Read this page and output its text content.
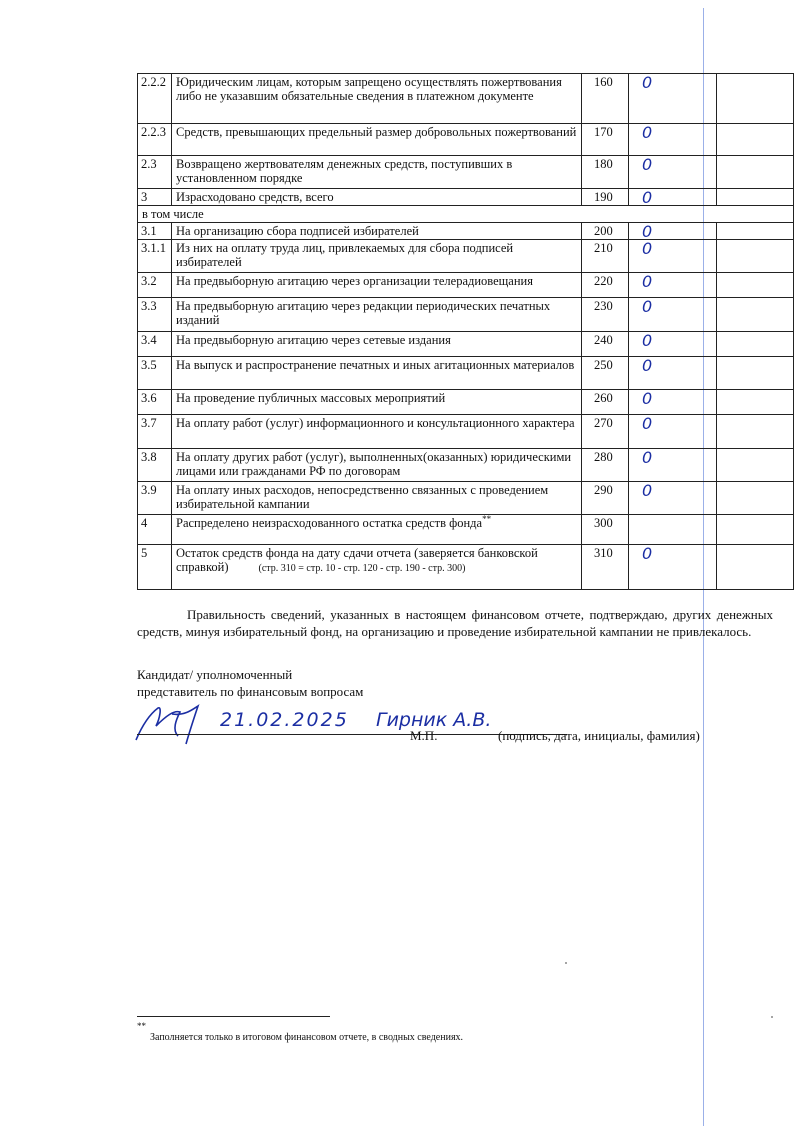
2.2.2	Юридическим лицам, которым запрещено осуществлять пожертвования либо не указавшим обязательные сведения в платежном документе	160	0	

2.2.3	Средств, превышающих предельный размер добровольных пожертвований	170	0	

2.3	Возвращено жертвователям денежных средств, поступивших в установленном порядке	180	0	

3	Израсходовано средств, всего	190	0	

в том числе				
3.1	На организацию сбора подписей избирателей	200	0	

3.1.1	Из них на оплату труда лиц, привлекаемых для сбора подписей избирателей	210	0	

3.2	На предвыборную агитацию через организации телерадиовещания	220	0	

3.3	На предвыборную агитацию через редакции периодических печатных изданий	230	0	

3.4	На предвыборную агитацию через сетевые издания	240	0	

3.5	На выпуск и распространение печатных и иных агитационных материалов	250	0	

3.6	На проведение публичных массовых мероприятий	260	0	

3.7	На оплату работ (услуг) информационного и консультационного характера	270	0	

3.8	На оплату других работ (услуг), выполненных(оказанных) юридическими лицами или гражданами РФ по договорам	280	0	

3.9	На оплату иных расходов, непосредственно связанных с проведением избирательной кампании	290	0	

4	Распределено неизрасходованного остатка средств фонда**	300		
5	Остаток средств фонда на дату сдачи отчета (заверяется банковской справкой) (стр. 310 = стр. 10 - стр. 120 - стр. 190 - стр. 300)	310	0	

Правильность сведений, указанных в настоящем финансовом отчете, подтверждаю, других денежных средств, минуя избирательный фонд, на организацию и проведение избирательной кампании не привлекалось.
Кандидат/ уполномоченный
представитель по финансовым вопросам
21.02.2025 Гирник А.В.
М.П.	(подпись, дата, инициалы, фамилия)
**
Заполняется только в итоговом финансовом отчете, в сводных сведениях.
